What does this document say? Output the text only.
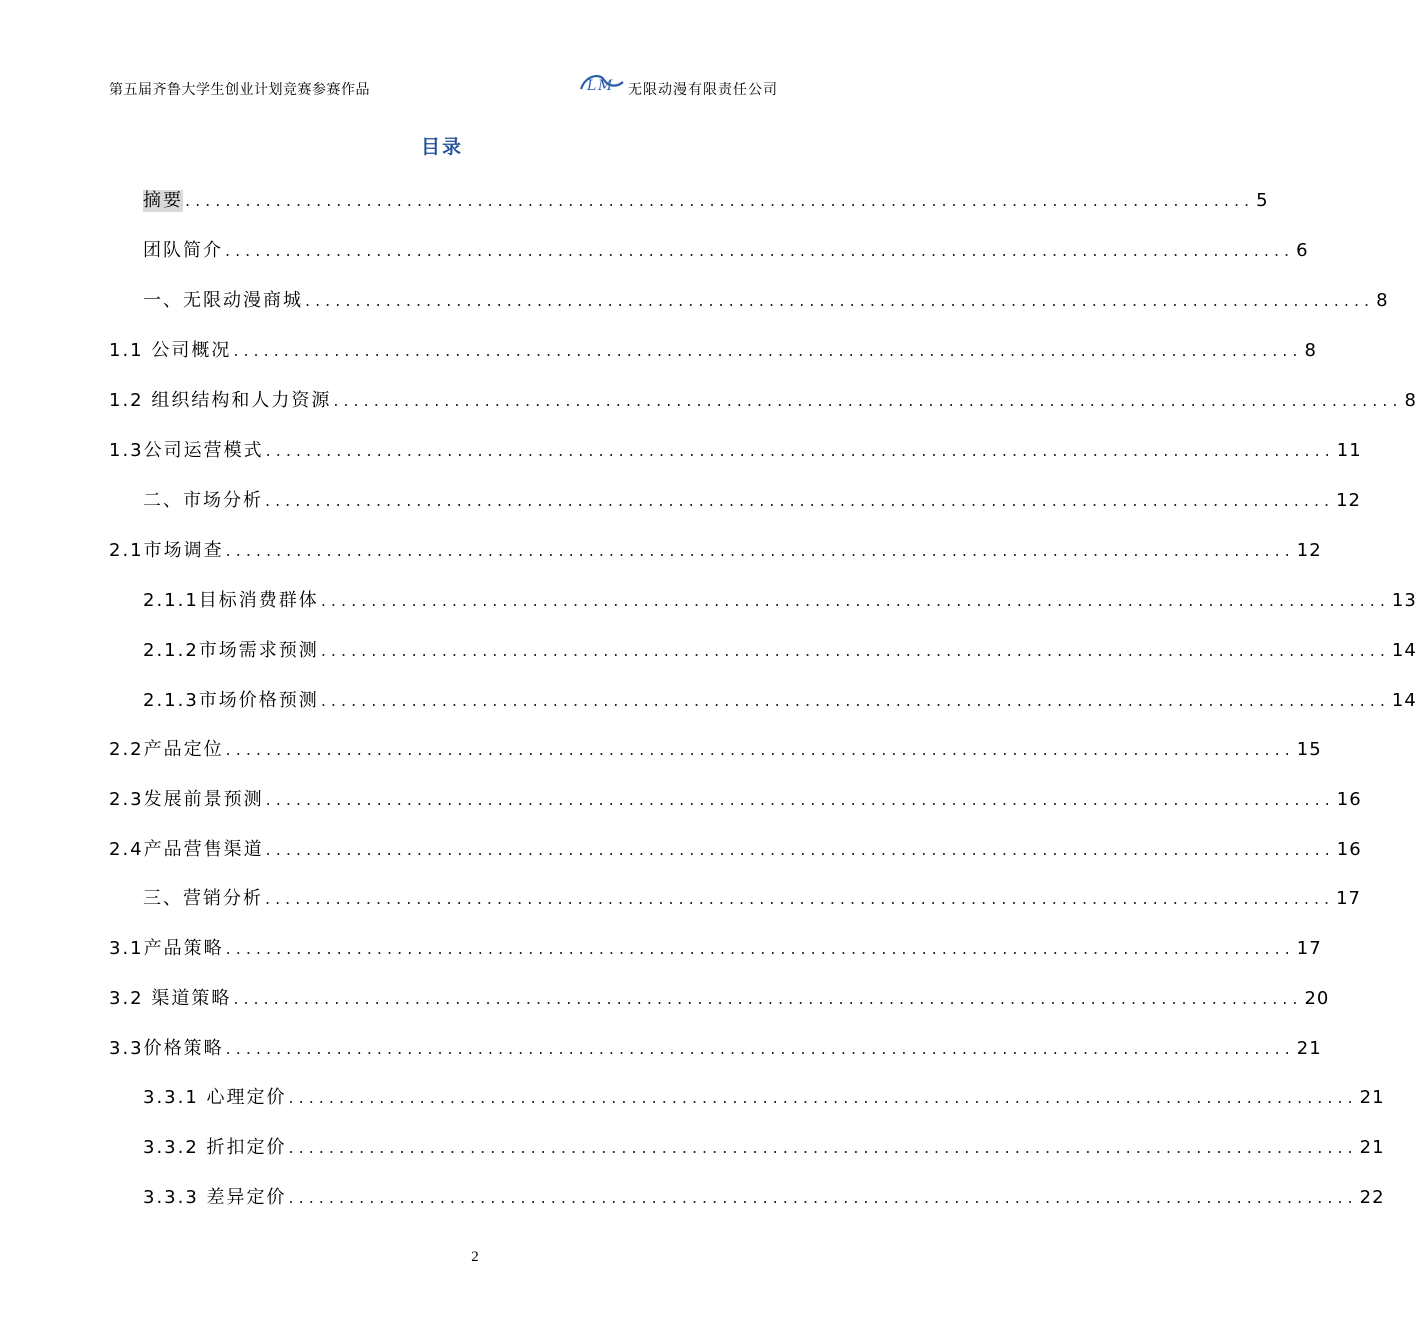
第五届齐鲁大学生创业计划竞赛参赛作品	L M 无限动漫有限责任公司
目录
摘要 .......................................................................................................... 5
团队简介 .......................................................................................................... 6
一、无限动漫商城 .......................................................................................................... 8
1.1 公司概况 .......................................................................................................... 8
1.2 组织结构和人力资源 .......................................................................................................... 8
1.3公司运营模式 .......................................................................................................... 11
二、市场分析 .......................................................................................................... 12
2.1市场调查 .......................................................................................................... 12
2.1.1目标消费群体 .......................................................................................................... 13
2.1.2市场需求预测 .......................................................................................................... 14
2.1.3市场价格预测 .......................................................................................................... 14
2.2产品定位 .......................................................................................................... 15
2.3发展前景预测 .......................................................................................................... 16
2.4产品营售渠道 .......................................................................................................... 16
三、营销分析 .......................................................................................................... 17
3.1产品策略 .......................................................................................................... 17
3.2 渠道策略 .......................................................................................................... 20
3.3价格策略 .......................................................................................................... 21
3.3.1 心理定价 .......................................................................................................... 21
3.3.2 折扣定价 .......................................................................................................... 21
3.3.3 差异定价 .......................................................................................................... 22
2
